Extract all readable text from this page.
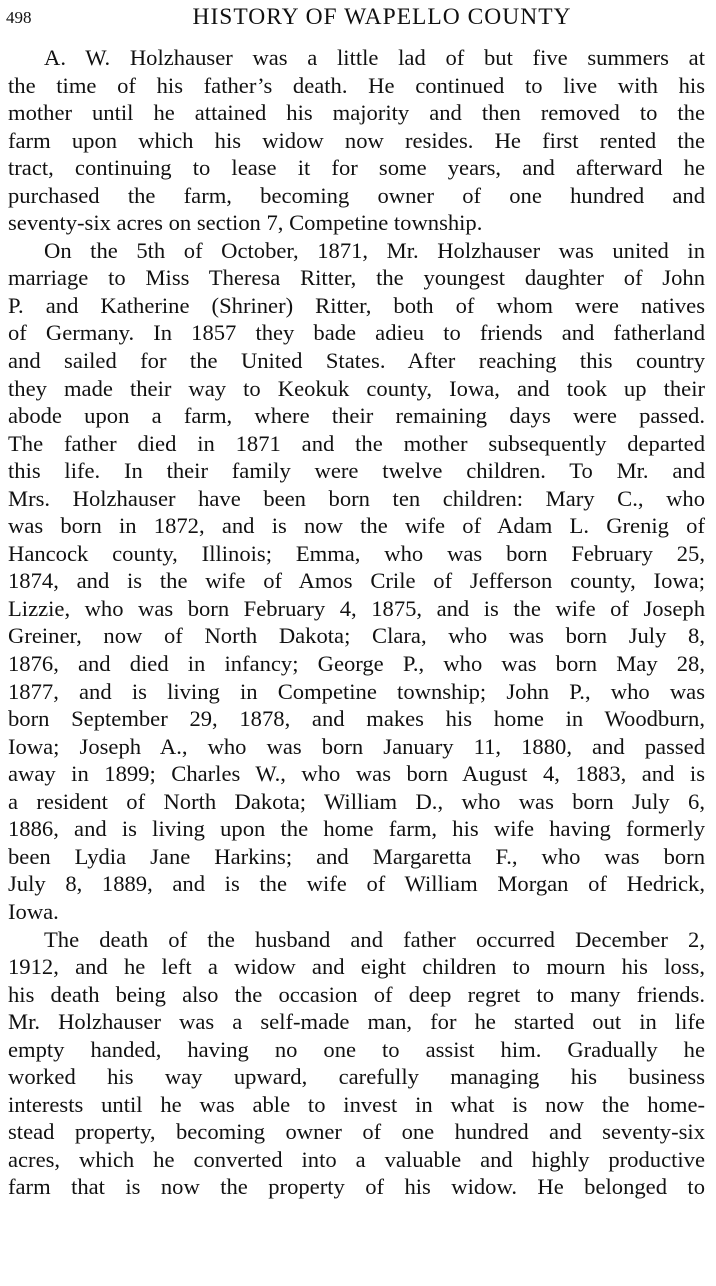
498	HISTORY OF WAPELLO COUNTY
A. W. Holzhauser was a little lad of but five summers at
the time of his father’s death. He continued to live with his
mother until he attained his majority and then removed to the
farm upon which his widow now resides. He first rented the
tract, continuing to lease it for some years, and afterward he
purchased the farm, becoming owner of one hundred and
seventy-six acres on section 7, Competine township.
On the 5th of October, 1871, Mr. Holzhauser was united in
marriage to Miss Theresa Ritter, the youngest daughter of John
P. and Katherine (Shriner) Ritter, both of whom were natives
of Germany. In 1857 they bade adieu to friends and fatherland
and sailed for the United States. After reaching this country
they made their way to Keokuk county, Iowa, and took up their
abode upon a farm, where their remaining days were passed.
The father died in 1871 and the mother subsequently departed
this life. In their family were twelve children. To Mr. and
Mrs. Holzhauser have been born ten children: Mary C., who
was born in 1872, and is now the wife of Adam L. Grenig of
Hancock county, Illinois; Emma, who was born February 25,
1874, and is the wife of Amos Crile of Jefferson county, Iowa;
Lizzie, who was born February 4, 1875, and is the wife of Joseph
Greiner, now of North Dakota; Clara, who was born July 8,
1876, and died in infancy; George P., who was born May 28,
1877, and is living in Competine township; John P., who was
born September 29, 1878, and makes his home in Woodburn,
Iowa; Joseph A., who was born January 11, 1880, and passed
away in 1899; Charles W., who was born August 4, 1883, and is
a resident of North Dakota; William D., who was born July 6,
1886, and is living upon the home farm, his wife having formerly
been Lydia Jane Harkins; and Margaretta F., who was born
July 8, 1889, and is the wife of William Morgan of Hedrick,
Iowa.
The death of the husband and father occurred December 2,
1912, and he left a widow and eight children to mourn his loss,
his death being also the occasion of deep regret to many friends.
Mr. Holzhauser was a self-made man, for he started out in life
empty handed, having no one to assist him. Gradually he
worked his way upward, carefully managing his business
interests until he was able to invest in what is now the home-
stead property, becoming owner of one hundred and seventy-six
acres, which he converted into a valuable and highly productive
farm that is now the property of his widow. He belonged to
